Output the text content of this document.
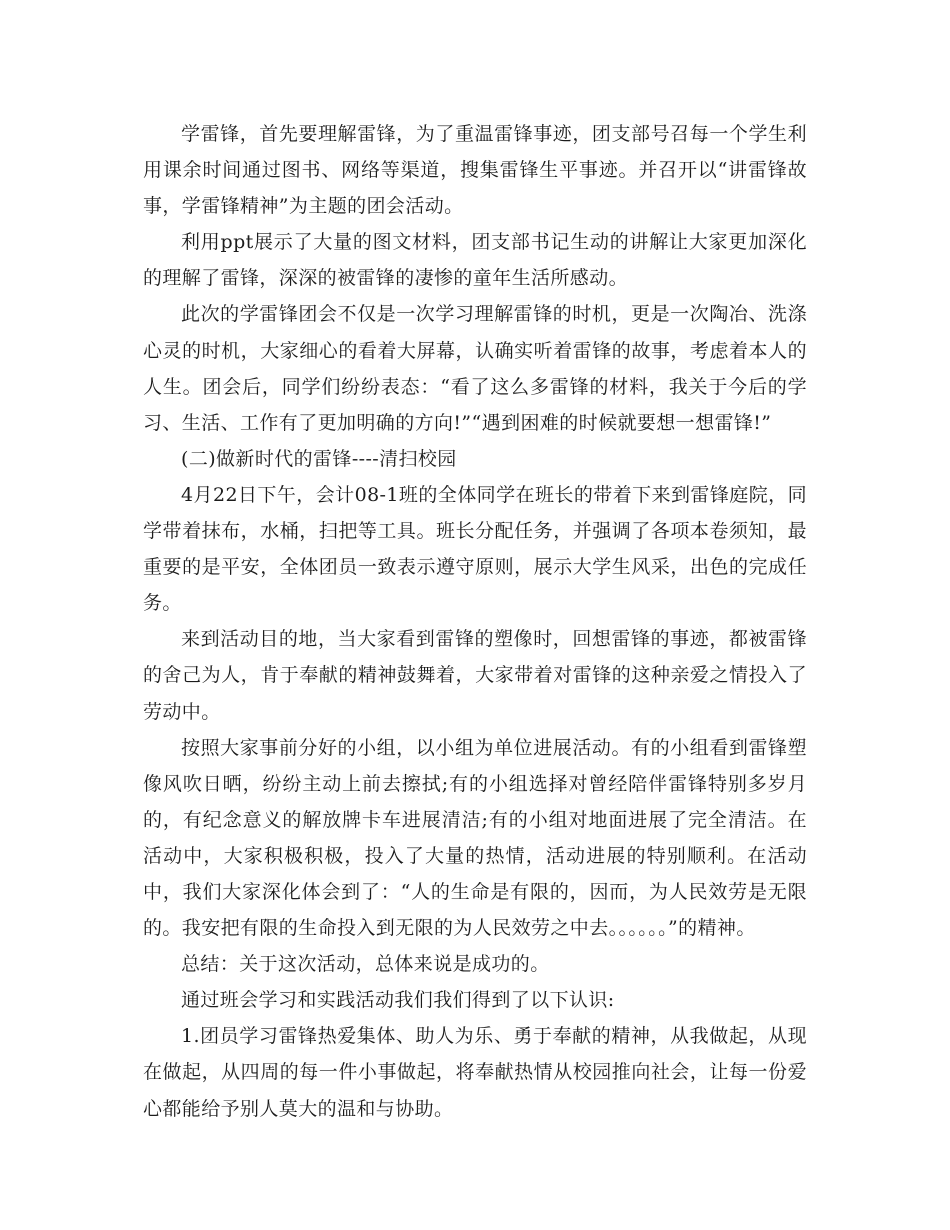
学雷锋，首先要理解雷锋，为了重温雷锋事迹，团支部号召每一个学生利用课余时间通过图书、网络等渠道，搜集雷锋生平事迹。并召开以“讲雷锋故事，学雷锋精神”为主题的团会活动。

利用ppt展示了大量的图文材料，团支部书记生动的讲解让大家更加深化的理解了雷锋，深深的被雷锋的凄惨的童年生活所感动。

此次的学雷锋团会不仅是一次学习理解雷锋的时机，更是一次陶冶、洗涤心灵的时机，大家细心的看着大屏幕，认确实听着雷锋的故事，考虑着本人的人生。团会后，同学们纷纷表态：“看了这么多雷锋的材料，我关于今后的学习、生活、工作有了更加明确的方向!”“遇到困难的时候就要想一想雷锋!”

(二)做新时代的雷锋----清扫校园

4月22日下午，会计08-1班的全体同学在班长的带着下来到雷锋庭院，同学带着抹布，水桶，扫把等工具。班长分配任务，并强调了各项本卷须知，最重要的是平安，全体团员一致表示遵守原则，展示大学生风采，出色的完成任务。

来到活动目的地，当大家看到雷锋的塑像时，回想雷锋的事迹，都被雷锋的舍己为人，肯于奉献的精神鼓舞着，大家带着对雷锋的这种亲爱之情投入了劳动中。

按照大家事前分好的小组，以小组为单位进展活动。有的小组看到雷锋塑像风吹日晒，纷纷主动上前去擦拭;有的小组选择对曾经陪伴雷锋特别多岁月的，有纪念意义的解放牌卡车进展清洁;有的小组对地面进展了完全清洁。在活动中，大家积极积极，投入了大量的热情，活动进展的特别顺利。在活动中，我们大家深化体会到了：“人的生命是有限的，因而，为人民效劳是无限的。我安把有限的生命投入到无限的为人民效劳之中去。。。。。。”的精神。

总结：关于这次活动，总体来说是成功的。

通过班会学习和实践活动我们我们得到了以下认识:

1.团员学习雷锋热爱集体、助人为乐、勇于奉献的精神，从我做起，从现在做起，从四周的每一件小事做起，将奉献热情从校园推向社会，让每一份爱心都能给予别人莫大的温和与协助。
